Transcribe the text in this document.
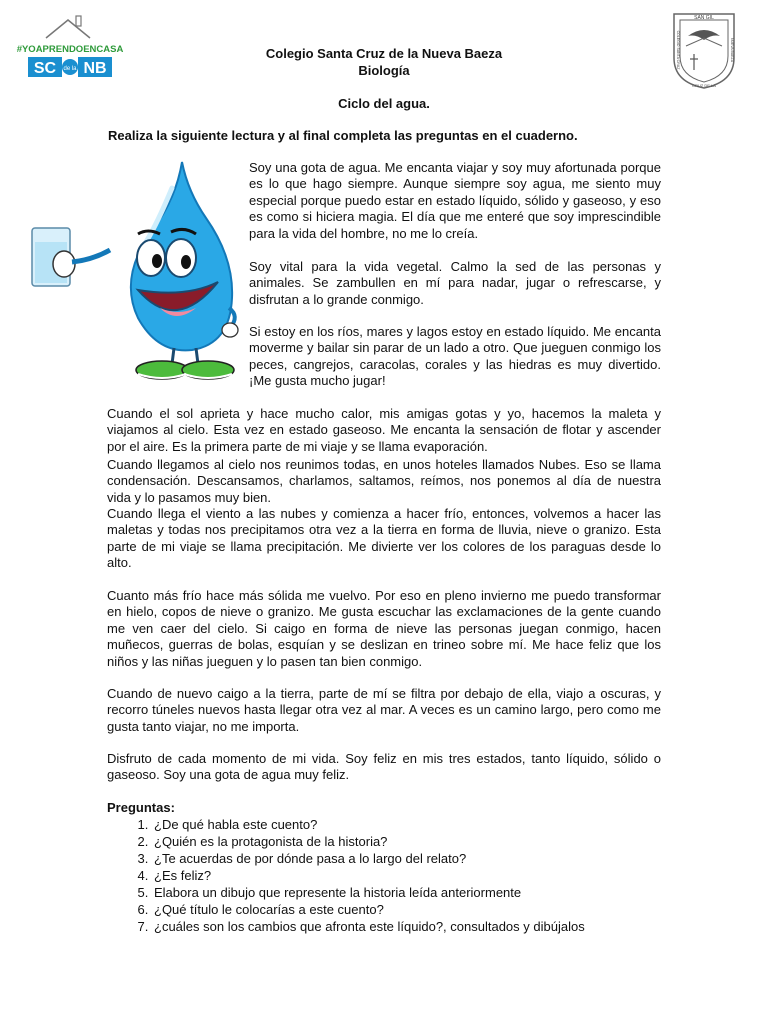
#YOAPRENDOENCASA
SC de la NB
SAN GIL
CRUZ DE LA
COLEGIO SANTA CRUZ	NUEVA BAEZA
Colegio Santa Cruz de la Nueva Baeza
Biología
Ciclo del agua.
Realiza la siguiente lectura y al final completa las preguntas en el cuaderno.

Soy una gota de agua. Me encanta viajar y soy muy afortunada porque es lo que hago siempre. Aunque siempre soy agua, me siento muy especial porque puedo estar en estado líquido, sólido y gaseoso, y eso es como si hiciera magia. El día que me enteré que soy imprescindible para la vida del hombre, no me lo creía.

Soy vital para la vida vegetal. Calmo la sed de las personas y animales. Se zambullen en mí para nadar, jugar o refrescarse, y disfrutan a lo grande conmigo.

Si estoy en los ríos, mares y lagos estoy en estado líquido. Me encanta moverme y bailar sin parar de un lado a otro. Que jueguen conmigo los peces, cangrejos, caracolas, corales y las hiedras es muy divertido. ¡Me gusta mucho jugar!

Cuando el sol aprieta y hace mucho calor, mis amigas gotas y yo, hacemos la maleta y viajamos al cielo. Esta vez en estado gaseoso. Me encanta la sensación de flotar y ascender por el aire. Es la primera parte de mi viaje y se llama evaporación.

Cuando llegamos al cielo nos reunimos todas, en unos hoteles llamados Nubes. Eso se llama condensación. Descansamos, charlamos, saltamos, reímos, nos ponemos al día de nuestra vida y lo pasamos muy bien.

Cuando llega el viento a las nubes y comienza a hacer frío, entonces, volvemos a hacer las maletas y todas nos precipitamos otra vez a la tierra en forma de lluvia, nieve o granizo. Esta parte de mi viaje se llama precipitación. Me divierte ver los colores de los paraguas desde lo alto.

Cuanto más frío hace más sólida me vuelvo. Por eso en pleno invierno me puedo transformar en hielo, copos de nieve o granizo. Me gusta escuchar las exclamaciones de la gente cuando me ven caer del cielo. Si caigo en forma de nieve las personas juegan conmigo, hacen muñecos, guerras de bolas, esquían y se deslizan en trineo sobre mí. Me hace feliz que los niños y las niñas jueguen y lo pasen tan bien conmigo.

Cuando de nuevo caigo a la tierra, parte de mí se filtra por debajo de ella, viajo a oscuras, y recorro túneles nuevos hasta llegar otra vez al mar. A veces es un camino largo, pero como me gusta tanto viajar, no me importa.

Disfruto de cada momento de mi vida. Soy feliz en mis tres estados, tanto líquido, sólido o gaseoso. Soy una gota de agua muy feliz.

Preguntas:
1. ¿De qué habla este cuento?
2. ¿Quién es la protagonista de la historia?
3. ¿Te acuerdas de por dónde pasa a lo largo del relato?
4. ¿Es feliz?
5. Elabora un dibujo que represente la historia leída anteriormente
6. ¿Qué título le colocarías a este cuento?
7. ¿cuáles son los cambios que afronta este líquido?, consultados y dibújalos
